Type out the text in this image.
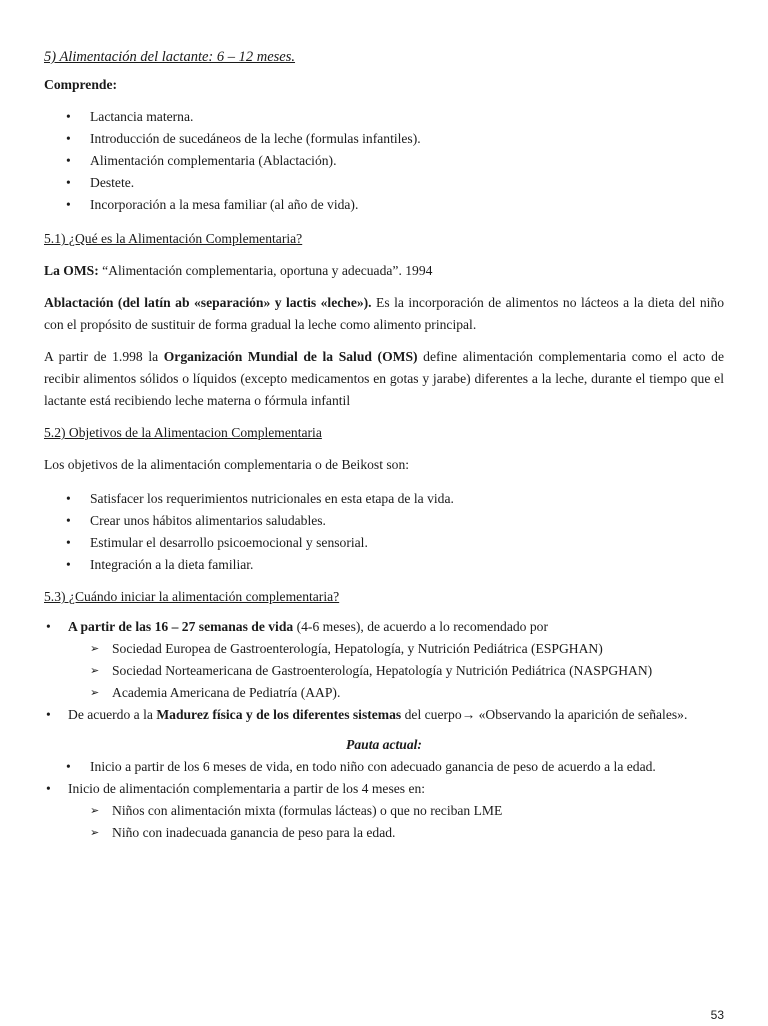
5) Alimentación del lactante: 6 – 12 meses.

Comprende:

• Lactancia materna.
• Introducción de sucedáneos de la leche (formulas infantiles).
• Alimentación complementaria (Ablactación).
• Destete.
• Incorporación a la mesa familiar (al año de vida).

5.1) ¿Qué es la Alimentación Complementaria?

La OMS: “Alimentación complementaria, oportuna y adecuada”. 1994

Ablactación (del latín ab «separación» y lactis «leche»). Es la incorporación de alimentos no lácteos a la dieta del niño con el propósito de sustituir de forma gradual la leche como alimento principal.

A partir de 1.998 la Organización Mundial de la Salud (OMS) define alimentación complementaria como el acto de recibir alimentos sólidos o líquidos (excepto medicamentos en gotas y jarabe) diferentes a la leche, durante el tiempo que el lactante está recibiendo leche materna o fórmula infantil

5.2) Objetivos de la Alimentacion Complementaria

Los objetivos de la alimentación complementaria o de Beikost son:

• Satisfacer los requerimientos nutricionales en esta etapa de la vida.
• Crear unos hábitos alimentarios saludables.
• Estimular el desarrollo psicoemocional y sensorial.
• Integración a la dieta familiar.

5.3) ¿Cuándo iniciar la alimentación complementaria?

• A partir de las 16 – 27 semanas de vida (4-6 meses), de acuerdo a lo recomendado por
➢ Sociedad Europea de Gastroenterología, Hepatología, y Nutrición Pediátrica (ESPGHAN)
➢ Sociedad Norteamericana de Gastroenterología, Hepatología y Nutrición Pediátrica (NASPGHAN)
➢ Academia Americana de Pediatría (AAP).
• De acuerdo a la Madurez física y de los diferentes sistemas del cuerpo→ «Observando la aparición de señales».

Pauta actual:

• Inicio a partir de los 6 meses de vida, en todo niño con adecuado ganancia de peso de acuerdo a la edad.
• Inicio de alimentación complementaria a partir de los 4 meses en:
➢ Niños con alimentación mixta (formulas lácteas) o que no reciban LME
➢ Niño con inadecuada ganancia de peso para la edad.
53
